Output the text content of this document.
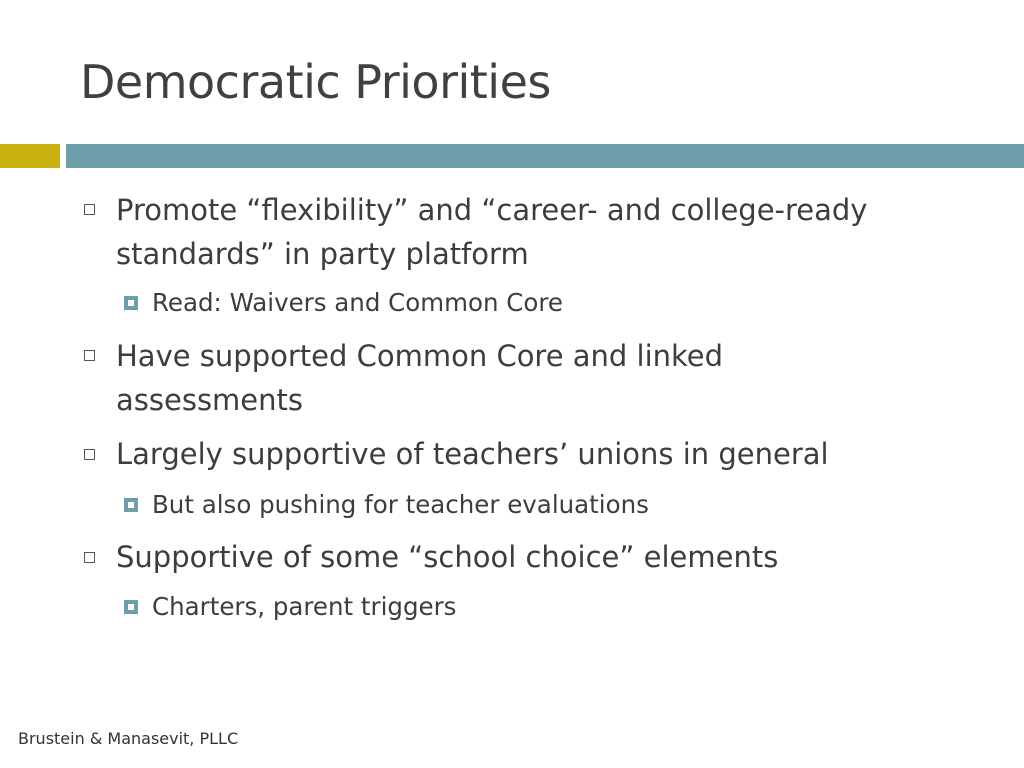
Democratic Priorities
Promote “flexibility” and “career- and college-ready standards” in party platform
Read: Waivers and Common Core
Have supported Common Core and linked assessments
Largely supportive of teachers’ unions in general
But also pushing for teacher evaluations
Supportive of some “school choice” elements
Charters, parent triggers
Brustein & Manasevit, PLLC
